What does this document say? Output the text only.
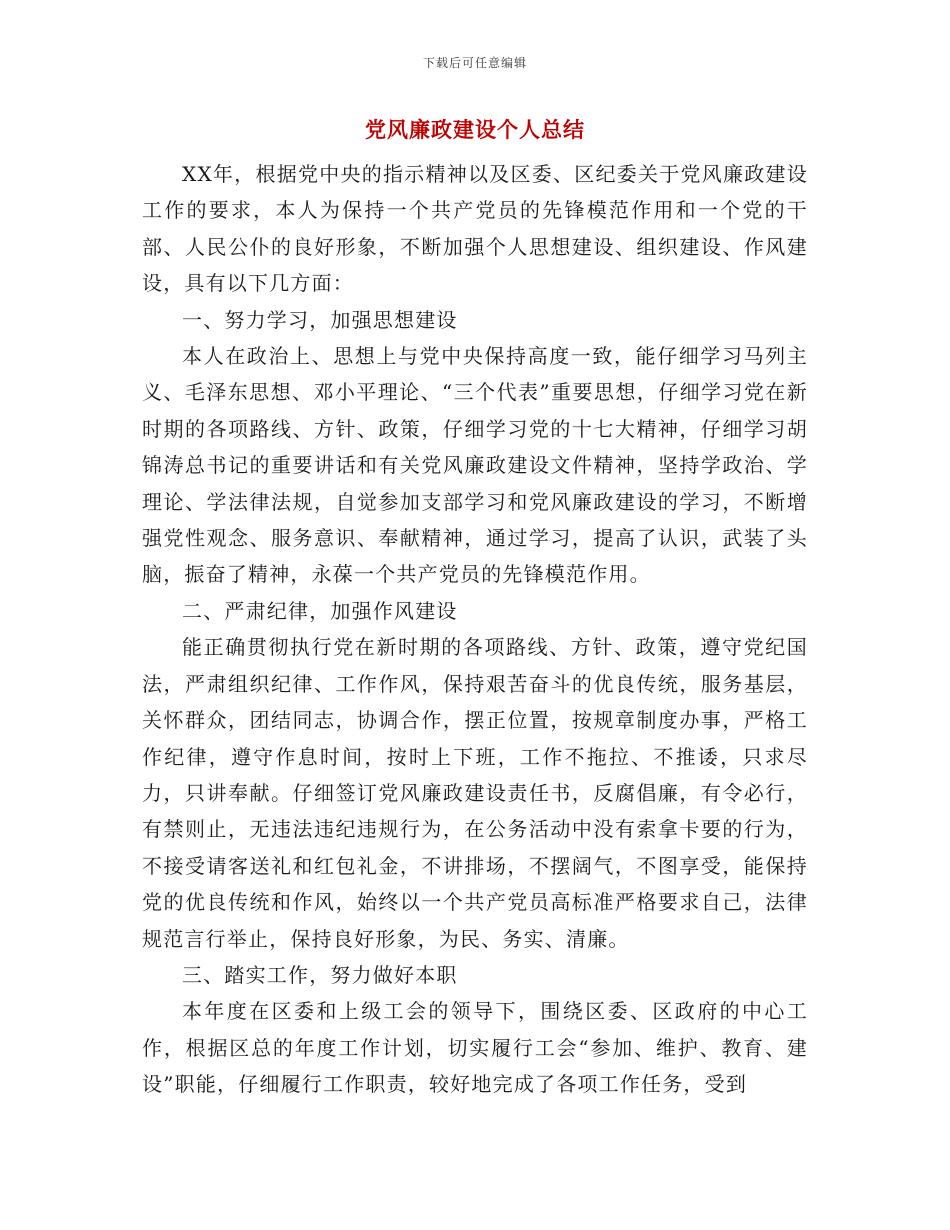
下载后可任意编辑
党风廉政建设个人总结

XX年，根据党中央的指示精神以及区委、区纪委关于党风廉政建设工作的要求，本人为保持一个共产党员的先锋模范作用和一个党的干部、人民公仆的良好形象，不断加强个人思想建设、组织建设、作风建设，具有以下几方面：

一、努力学习，加强思想建设

本人在政治上、思想上与党中央保持高度一致，能仔细学习马列主义、毛泽东思想、邓小平理论、“三个代表”重要思想，仔细学习党在新时期的各项路线、方针、政策，仔细学习党的十七大精神，仔细学习胡锦涛总书记的重要讲话和有关党风廉政建设文件精神，坚持学政治、学理论、学法律法规，自觉参加支部学习和党风廉政建设的学习，不断增强党性观念、服务意识、奉献精神，通过学习，提高了认识，武装了头脑，振奋了精神，永葆一个共产党员的先锋模范作用。

二、严肃纪律，加强作风建设

能正确贯彻执行党在新时期的各项路线、方针、政策，遵守党纪国法，严肃组织纪律、工作作风，保持艰苦奋斗的优良传统，服务基层，关怀群众，团结同志，协调合作，摆正位置，按规章制度办事，严格工作纪律，遵守作息时间，按时上下班，工作不拖拉、不推诿，只求尽力，只讲奉献。仔细签订党风廉政建设责任书，反腐倡廉，有令必行，有禁则止，无违法违纪违规行为，在公务活动中没有索拿卡要的行为，不接受请客送礼和红包礼金，不讲排场，不摆阔气，不图享受，能保持党的优良传统和作风，始终以一个共产党员高标准严格要求自己，法律规范言行举止，保持良好形象，为民、务实、清廉。

三、踏实工作，努力做好本职

本年度在区委和上级工会的领导下，围绕区委、区政府的中心工作，根据区总的年度工作计划，切实履行工会“参加、维护、教育、建设”职能，仔细履行工作职责，较好地完成了各项工作任务，受到
